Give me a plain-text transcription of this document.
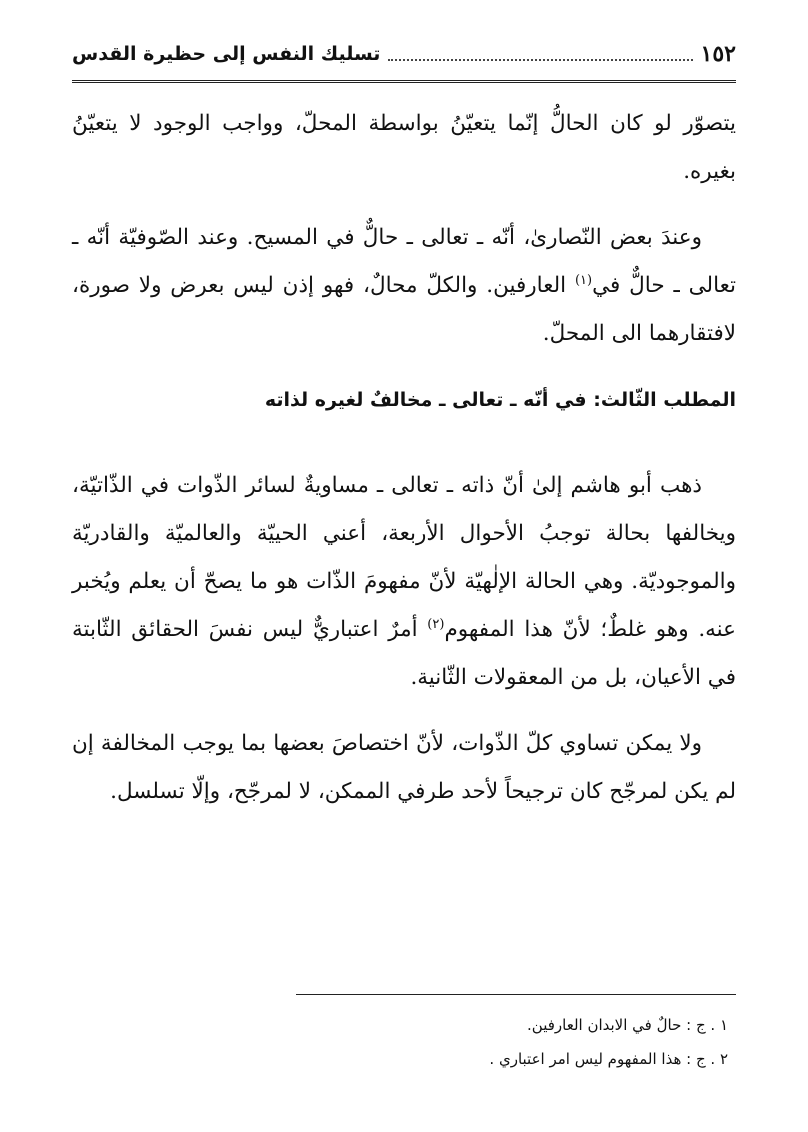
١٥٢
تسليك النفس إلى حظيرة القدس

يتصوّر لو كان الحالُّ إنّما يتعيّنُ بواسطة المحلّ، وواجب الوجود لا يتعيّنُ بغيره.

وعندَ بعض النّصارىٰ، أنّه ـ تعالى ـ حالٌّ في المسيح. وعند الصّوفيّة أنّه ـ تعالى ـ حالٌّ في$^{(١)}$ العارفين. والكلّ محالٌ، فهو إذن ليس بعرض ولا صورة، لافتقارهما الى المحلّ.

المطلب الثّالث: في أنّه ـ تعالى ـ مخالفٌ لغيره لذاته

ذهب أبو هاشم إلىٰ أنّ ذاته ـ تعالى ـ مساويةٌ لسائر الذّوات في الذّاتيّة، ويخالفها بحالة توجبُ الأحوال الأربعة، أعني الحييّة والعالميّة والقادريّة والموجوديّة. وهي الحالة الإلٰهيّة لأنّ مفهومَ الذّات هو ما يصحّ أن يعلم ويُخبر عنه. وهو غلطٌ؛ لأنّ هذا المفهوم$^{(٢)}$ أمرٌ اعتباريٌّ ليس نفسَ الحقائق الثّابتة في الأعيان، بل من المعقولات الثّانية.

ولا يمكن تساوي كلّ الذّوات، لأنّ اختصاصَ بعضها بما يوجب المخالفة إن لم يكن لمرجّح كان ترجيحاً لأحد طرفي الممكن، لا لمرجّح، وإلّا تسلسل.

١ . ج : حالٌ في الابدان العارفين.

٢ . ج : هذا المفهوم ليس امر اعتباري .
